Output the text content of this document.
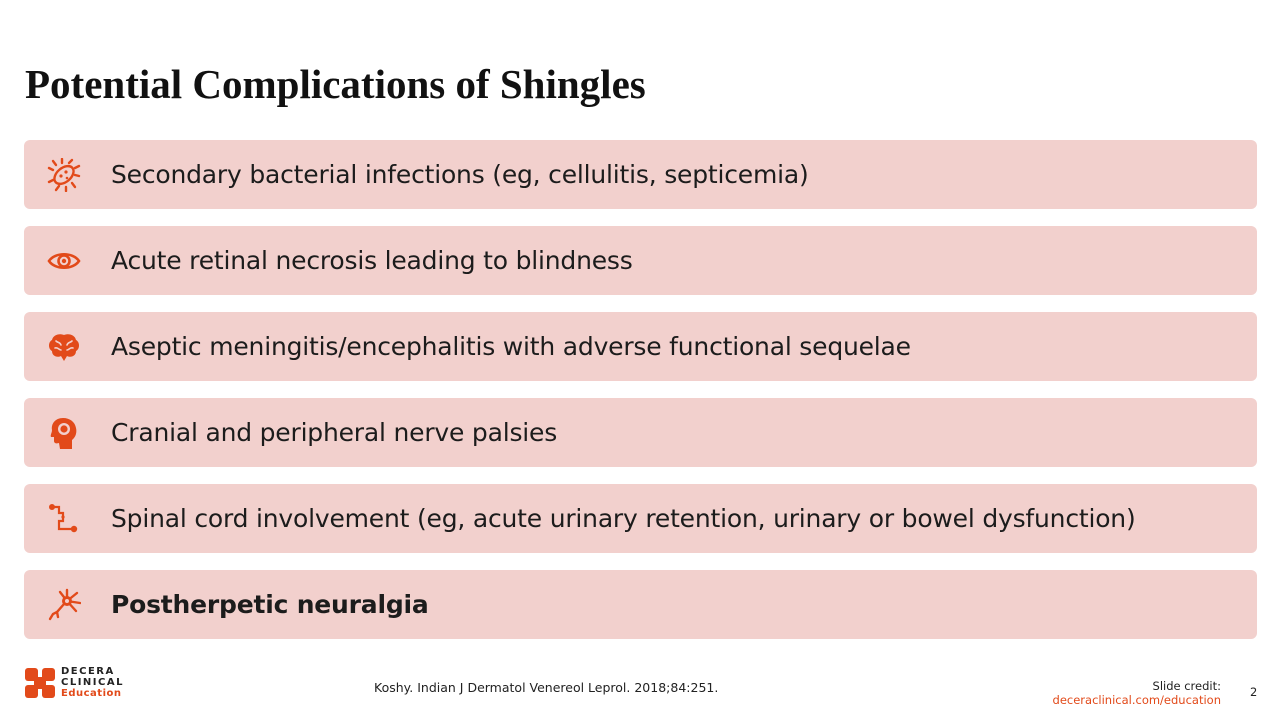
Potential Complications of Shingles
Secondary bacterial infections (eg, cellulitis, septicemia)
Acute retinal necrosis leading to blindness
Aseptic meningitis/encephalitis with adverse functional sequelae
Cranial and peripheral nerve palsies
Spinal cord involvement (eg, acute urinary retention, urinary or bowel dysfunction)
Postherpetic neuralgia
DECERA
CLINICAL
Education	Koshy. Indian J Dermatol Venereol Leprol. 2018;84:251.	Slide credit:
deceraclinical.com/education
2
